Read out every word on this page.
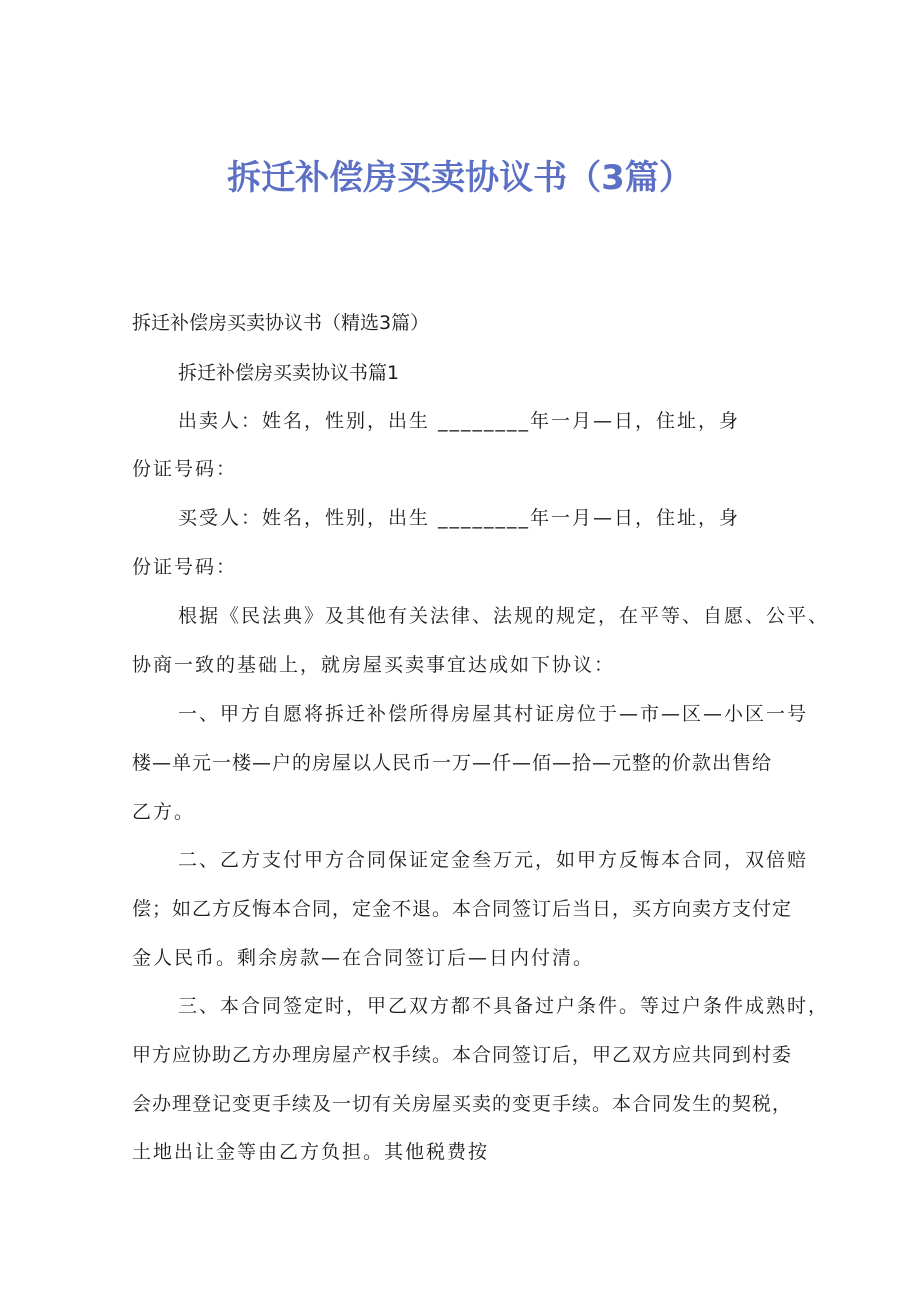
拆迁补偿房买卖协议书（3篇）

拆迁补偿房买卖协议书（精选3篇）

拆迁补偿房买卖协议书篇1

出卖人：姓名，性别，出生 ________年一月—日，住址，身

份证号码：

买受人：姓名，性别，出生 ________年一月—日，住址，身

份证号码：

根据《民法典》及其他有关法律、法规的规定，在平等、自愿、公平、

协商一致的基础上，就房屋买卖事宜达成如下协议：

一、甲方自愿将拆迁补偿所得房屋其村证房位于—市—区—小区一号

楼—单元一楼—户的房屋以人民币一万—仟—佰—拾—元整的价款出售给

乙方。

二、乙方支付甲方合同保证定金叁万元，如甲方反悔本合同，双倍赔

偿；如乙方反悔本合同，定金不退。本合同签订后当日，买方向卖方支付定

金人民币。剩余房款—在合同签订后—日内付清。

三、本合同签定时，甲乙双方都不具备过户条件。等过户条件成熟时，

甲方应协助乙方办理房屋产权手续。本合同签订后，甲乙双方应共同到村委

会办理登记变更手续及一切有关房屋买卖的变更手续。本合同发生的契税，

土地出让金等由乙方负担。其他税费按
